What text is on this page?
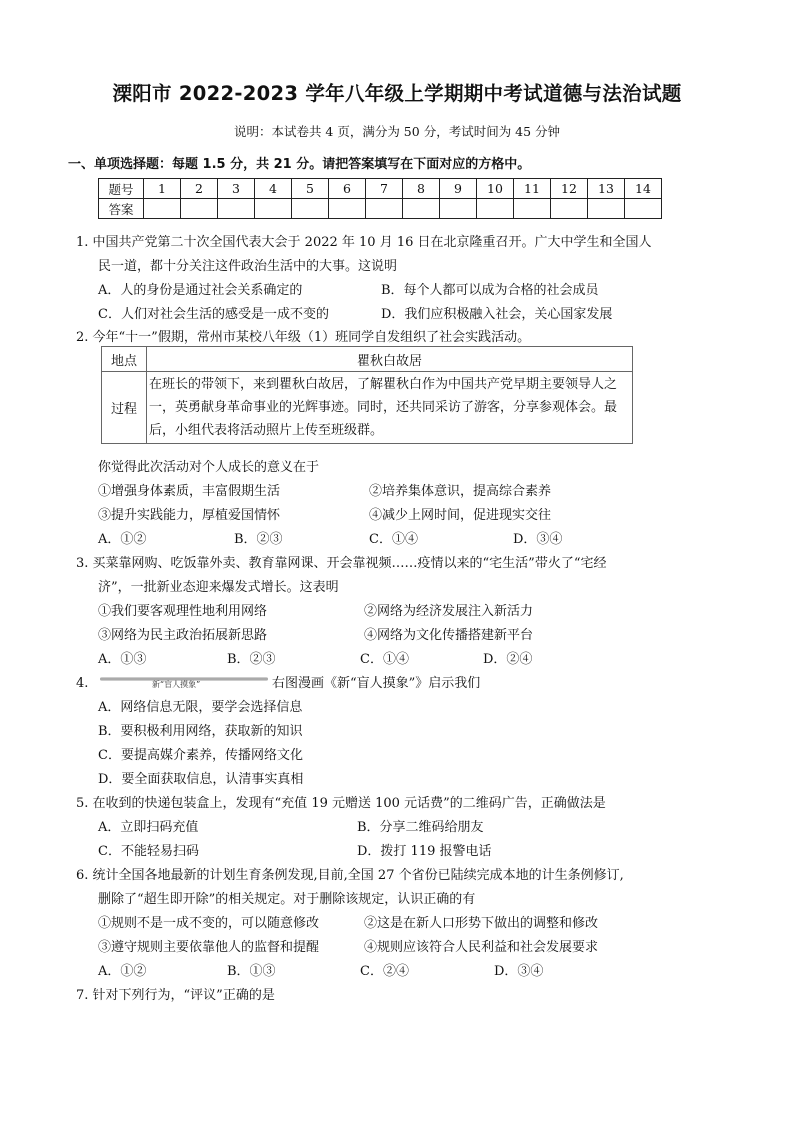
溧阳市 2022-2023 学年八年级上学期期中考试道德与法治试题
说明：本试卷共 4 页，满分为 50 分，考试时间为 45 分钟
一、单项选择题：每题 1.5 分，共 21 分。请把答案填写在下面对应的方格中。
题号	1	2	3	4	5	6	7	8	9	10	11	12	13	14
答案														
1. 中国共产党第二十次全国代表大会于 2022 年 10 月 16 日在北京隆重召开。广大中学生和全国人
民一道，都十分关注这件政治生活中的大事。这说明
A．人的身份是通过社会关系确定的	B．每个人都可以成为合格的社会成员
C．人们对社会生活的感受是一成不变的	D．我们应积极融入社会，关心国家发展
2. 今年“十一”假期，常州市某校八年级（1）班同学自发组织了社会实践活动。
地点	瞿秋白故居
过程	在班长的带领下，来到瞿秋白故居，了解瞿秋白作为中国共产党早期主要领导人之一，英勇献身革命事业的光辉事迹。同时，还共同采访了游客，分享参观体会。最后，小组代表将活动照片上传至班级群。
你觉得此次活动对个人成长的意义在于
①增强身体素质，丰富假期生活	②培养集体意识，提高综合素养
③提升实践能力，厚植爱国情怀	④减少上网时间，促进现实交往
A．①②	B．②③	C．①④	D．③④
3. 买菜靠网购、吃饭靠外卖、教育靠网课、开会靠视频……疫情以来的“宅生活”带火了“宅经
济”，一批新业态迎来爆发式增长。这表明
①我们要客观理性地利用网络	②网络为经济发展注入新活力
③网络为民主政治拓展新思路	④网络为文化传播搭建新平台
A．①③	B．②③	C．①④	D．②④
4.	新“盲人摸象”	右图漫画《新“盲人摸象”》启示我们
A．网络信息无限，要学会选择信息
B．要积极利用网络，获取新的知识
C．要提高媒介素养，传播网络文化
D．要全面获取信息，认清事实真相
5. 在收到的快递包装盒上，发现有“充值 19 元赠送 100 元话费”的二维码广告，正确做法是
A．立即扫码充值	B．分享二维码给朋友
C．不能轻易扫码	D．拨打 119 报警电话
6. 统计全国各地最新的计划生育条例发现,目前,全国 27 个省份已陆续完成本地的计生条例修订,
删除了“超生即开除”的相关规定。对于删除该规定，认识正确的有
①规则不是一成不变的，可以随意修改	②这是在新人口形势下做出的调整和修改
③遵守规则主要依靠他人的监督和提醒	④规则应该符合人民利益和社会发展要求
A．①②	B．①③	C．②④	D．③④
7. 针对下列行为，“评议”正确的是
